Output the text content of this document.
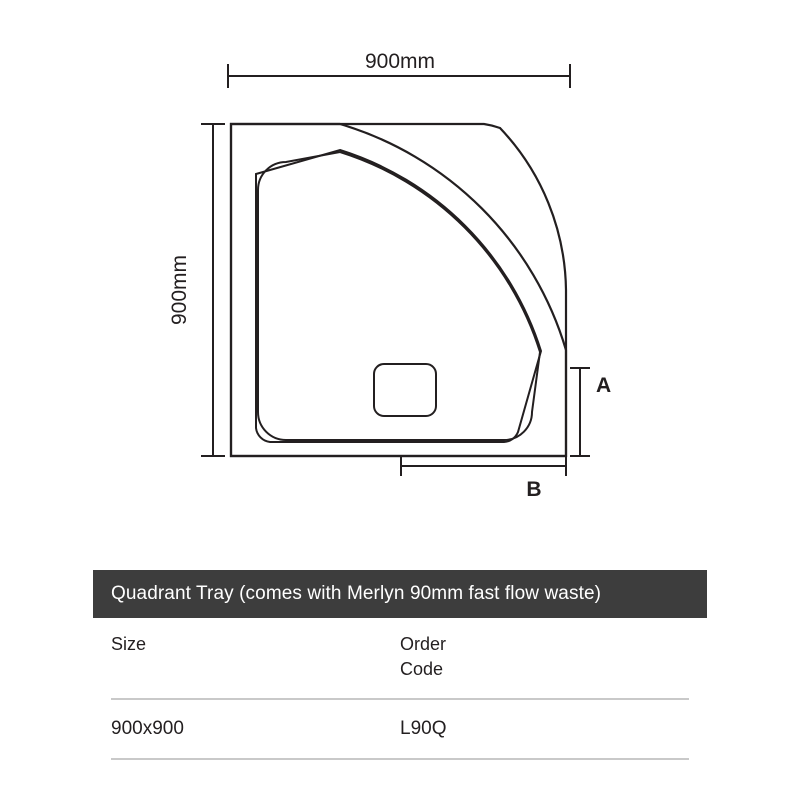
900mm
900mm
A
B
Quadrant Tray (comes with Merlyn 90mm fast flow waste)
Size	Order
Code
900x900	L90Q
